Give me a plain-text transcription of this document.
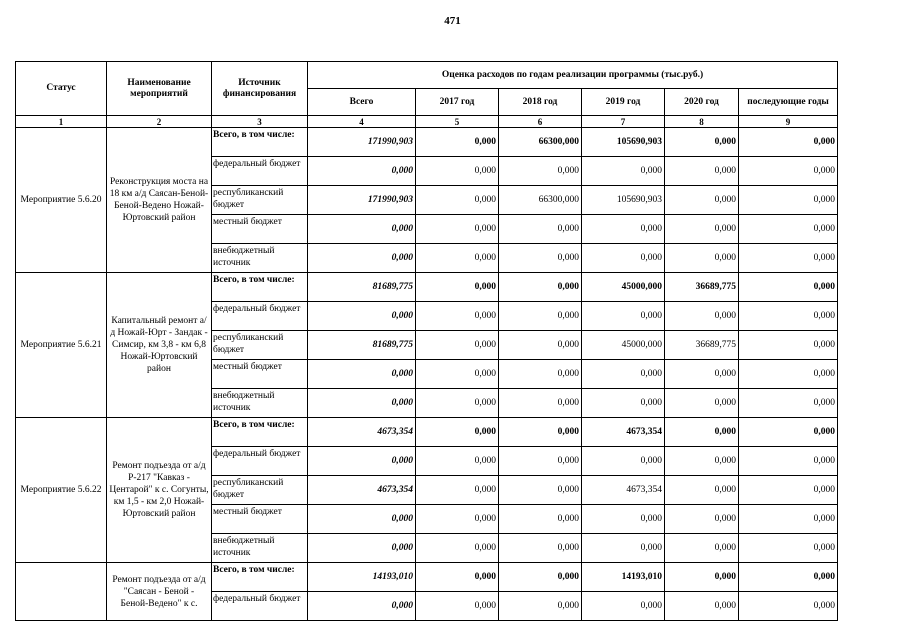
471
Статус	Наименование мероприятий	Источник финансирования	Оценка расходов по годам реализации программы (тыс.руб.)					
			Всего	2017 год	2018 год	2019 год	2020 год	последующие годы
1	2	3	4	5	6	7	8	9
Мероприятие 5.6.20	Реконструкция моста на 18 км а/д Саясан-Беной-Беной-Ведено Ножай-Юртовский район	Всего, в том числе:	171990,903	0,000	66300,000	105690,903	0,000	0,000
		федеральный бюджет	0,000	0,000	0,000	0,000	0,000	0,000
		республиканский бюджет	171990,903	0,000	66300,000	105690,903	0,000	0,000
		местный бюджет	0,000	0,000	0,000	0,000	0,000	0,000
		внебюджетный источник	0,000	0,000	0,000	0,000	0,000	0,000
Мероприятие 5.6.21	Капитальный ремонт а/д Ножай-Юрт - Зандак - Симсир, км 3,8 - км 6,8 Ножай-Юртовский район	Всего, в том числе:	81689,775	0,000	0,000	45000,000	36689,775	0,000
		федеральный бюджет	0,000	0,000	0,000	0,000	0,000	0,000
		республиканский бюджет	81689,775	0,000	0,000	45000,000	36689,775	0,000
		местный бюджет	0,000	0,000	0,000	0,000	0,000	0,000
		внебюджетный источник	0,000	0,000	0,000	0,000	0,000	0,000
Мероприятие 5.6.22	Ремонт подъезда от а/д Р-217 "Кавказ - Центарой" к с. Согунты, км 1,5 - км 2,0 Ножай-Юртовский район	Всего, в том числе:	4673,354	0,000	0,000	4673,354	0,000	0,000
		федеральный бюджет	0,000	0,000	0,000	0,000	0,000	0,000
		республиканский бюджет	4673,354	0,000	0,000	4673,354	0,000	0,000
		местный бюджет	0,000	0,000	0,000	0,000	0,000	0,000
		внебюджетный источник	0,000	0,000	0,000	0,000	0,000	0,000
	Ремонт подъезда от а/д "Саясан - Беной - Беной-Ведено" к с.	Всего, в том числе:	14193,010	0,000	0,000	14193,010	0,000	0,000
		федеральный бюджет	0,000	0,000	0,000	0,000	0,000	0,000
